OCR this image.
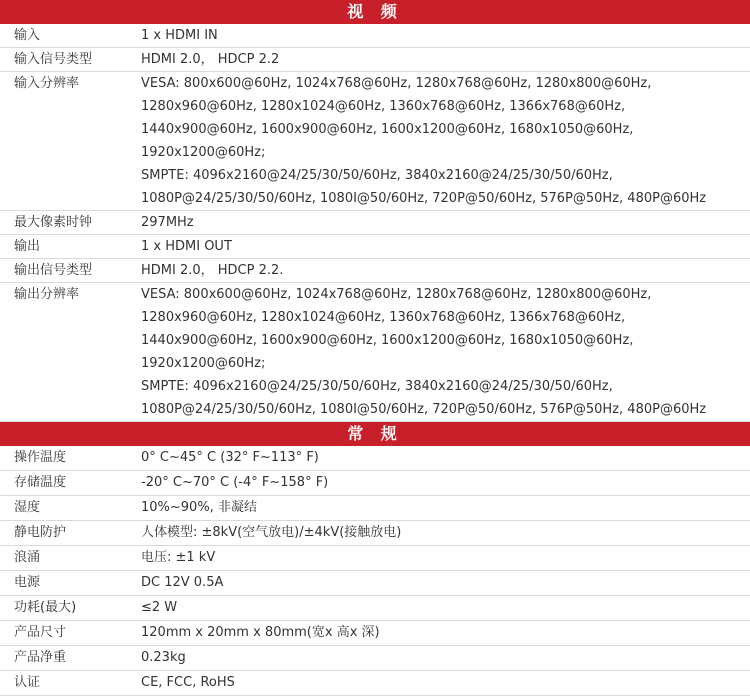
视 频
输入	1 x HDMI IN
输入信号类型	HDMI 2.0， HDCP 2.2
输入分辨率	VESA: 800x600@60Hz, 1024x768@60Hz, 1280x768@60Hz, 1280x800@60Hz,
1280x960@60Hz, 1280x1024@60Hz, 1360x768@60Hz, 1366x768@60Hz,
1440x900@60Hz, 1600x900@60Hz, 1600x1200@60Hz, 1680x1050@60Hz,
1920x1200@60Hz;
SMPTE: 4096x2160@24/25/30/50/60Hz, 3840x2160@24/25/30/50/60Hz,
1080P@24/25/30/50/60Hz, 1080I@50/60Hz, 720P@50/60Hz, 576P@50Hz, 480P@60Hz
最大像素时钟	297MHz
输出	1 x HDMI OUT
输出信号类型	HDMI 2.0， HDCP 2.2.
输出分辨率	VESA: 800x600@60Hz, 1024x768@60Hz, 1280x768@60Hz, 1280x800@60Hz,
1280x960@60Hz, 1280x1024@60Hz, 1360x768@60Hz, 1366x768@60Hz,
1440x900@60Hz, 1600x900@60Hz, 1600x1200@60Hz, 1680x1050@60Hz,
1920x1200@60Hz;
SMPTE: 4096x2160@24/25/30/50/60Hz, 3840x2160@24/25/30/50/60Hz,
1080P@24/25/30/50/60Hz, 1080I@50/60Hz, 720P@50/60Hz, 576P@50Hz, 480P@60Hz
常 规
操作温度	0° C~45° C (32° F~113° F)
存储温度	-20° C~70° C (-4° F~158° F)
湿度	10%~90%, 非凝结
静电防护	人体模型: ±8kV(空气放电)/±4kV(接触放电)
浪涌	电压: ±1 kV
电源	DC 12V 0.5A
功耗(最大)	≤2 W
产品尺寸	120mm x 20mm x 80mm(宽x 高x 深)
产品净重	0.23kg
认证	CE, FCC, RoHS
